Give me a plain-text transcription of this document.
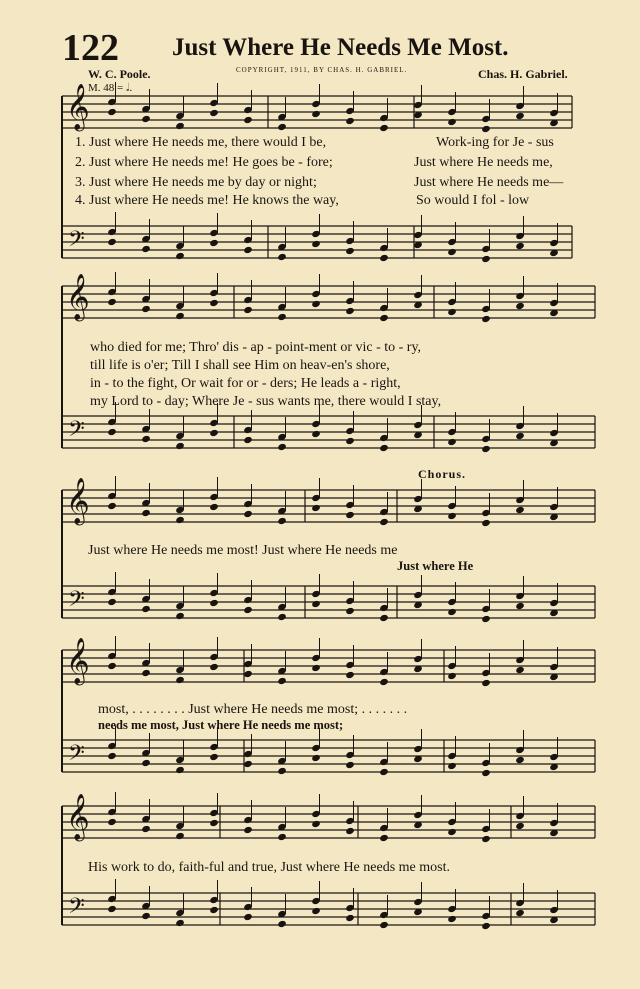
122 Just Where He Needs Me Most.
W. C. Poole.	COPYRIGHT, 1911, BY CHAS. H. GABRIEL.	Chas. H. Gabriel.
M. 48 = 𝅗𝅥.
𝄞
𝄢
𝄞
𝄢
𝄞
𝄢
𝄞
𝄢
𝄞
𝄢
1. Just where He needs me, there would I be,	Work-ing for Je - sus
2. Just where He needs me! He goes be - fore;	Just where He needs me,
3. Just where He needs me by day or night;	Just where He needs me—
4. Just where He needs me! He knows the way,	So would I fol - low
who died for me; Thro' dis - ap - point-ment or vic - to - ry,
till life is o'er; Till I shall see Him on heav-en's shore,
in - to the fight, Or wait for or - ders; He leads a - right,
my Lord to - day; Where Je - sus wants me, there would I stay,
Chorus.
Just where He needs me most! Just where He needs me
Just where He
most, . . . . . . . . Just where He needs me most; . . . . . . .
needs me most, Just where He needs me most;
His work to do, faith-ful and true, Just where He needs me most.
